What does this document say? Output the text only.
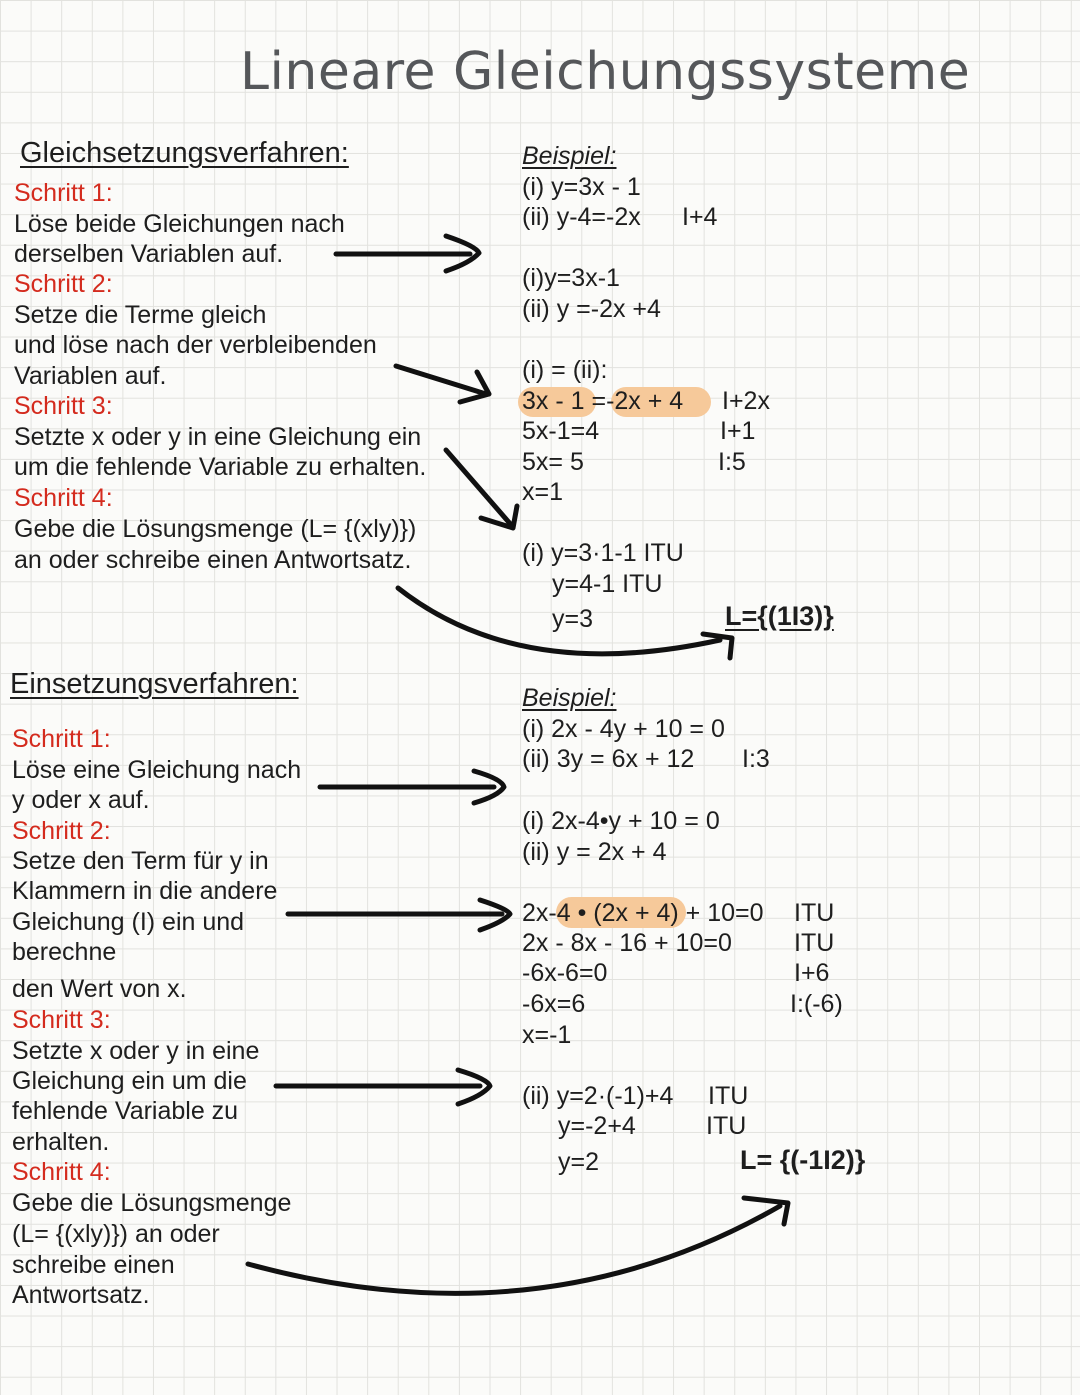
Lineare Gleichungssysteme
Gleichsetzungsverfahren:
Schritt 1:
Löse beide Gleichungen nach
derselben Variablen auf.
Schritt 2:
Setze die Terme gleich
und löse nach der verbleibenden
Variablen auf.
Schritt 3:
Setzte x oder y in eine Gleichung ein
um die fehlende Variable zu erhalten.
Schritt 4:
Gebe die Lösungsmenge (L= {(xly)})
an oder schreibe einen Antwortsatz.
Beispiel:
(i) y=3x - 1
(ii) y-4=-2x I+4
(i)y=3x-1
(ii) y =-2x +4
(i) = (ii):
3x - 1 =-2x + 4 I+2x
5x-1=4	I+1
5x= 5	I:5
x=1
(i) y=3·1-1 ITU
y=4-1 ITU
y=3	L={(1I3)}
Einsetzungsverfahren:
Schritt 1:
Löse eine Gleichung nach
y oder x auf.
Schritt 2:
Setze den Term für y in
Klammern in die andere
Gleichung (I) ein und
berechne
den Wert von x.
Schritt 3:
Setzte x oder y in eine
Gleichung ein um die
fehlende Variable zu
erhalten.
Schritt 4:
Gebe die Lösungsmenge
(L= {(xly)}) an oder
schreibe einen
Antwortsatz.
Beispiel:
(i) 2x - 4y + 10 = 0
(ii) 3y = 6x + 12 I:3
(i) 2x-4•y + 10 = 0
(ii) y = 2x + 4
2x-4 • (2x + 4) + 10=0 ITU
2x - 8x - 16 + 10=0 ITU
-6x-6=0	I+6
-6x=6	I:(-6)
x=-1
(ii) y=2·(-1)+4 ITU
y=-2+4	ITU
y=2	L= {(-1I2)}
